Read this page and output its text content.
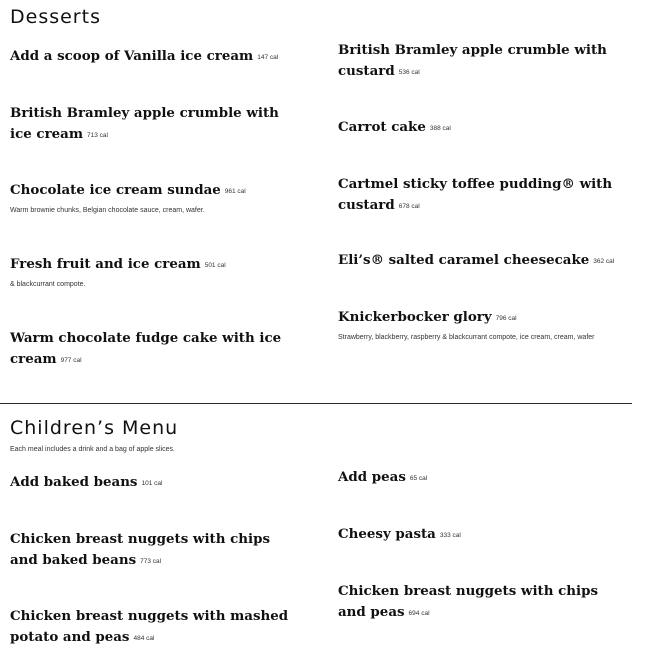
Desserts
Add a scoop of Vanilla ice cream 147 cal
British Bramley apple crumble with ice cream 713 cal
Chocolate ice cream sundae 961 cal
Warm brownie chunks, Belgian chocolate sauce, cream, wafer.
Fresh fruit and ice cream 501 cal
& blackcurrant compote.
Warm chocolate fudge cake with ice cream 977 cal
British Bramley apple crumble with custard 536 cal
Carrot cake 388 cal
Cartmel sticky toffee pudding® with custard 678 cal
Eli’s® salted caramel cheesecake 362 cal
Knickerbocker glory 796 cal
Strawberry, blackberry, raspberry & blackcurrant compote, ice cream, cream, wafer
Children’s Menu
Each meal includes a drink and a bag of apple slices.
Add baked beans 101 cal
Chicken breast nuggets with chips and baked beans 773 cal
Chicken breast nuggets with mashed potato and peas 484 cal
Add peas 65 cal
Cheesy pasta 333 cal
Chicken breast nuggets with chips and peas 694 cal
